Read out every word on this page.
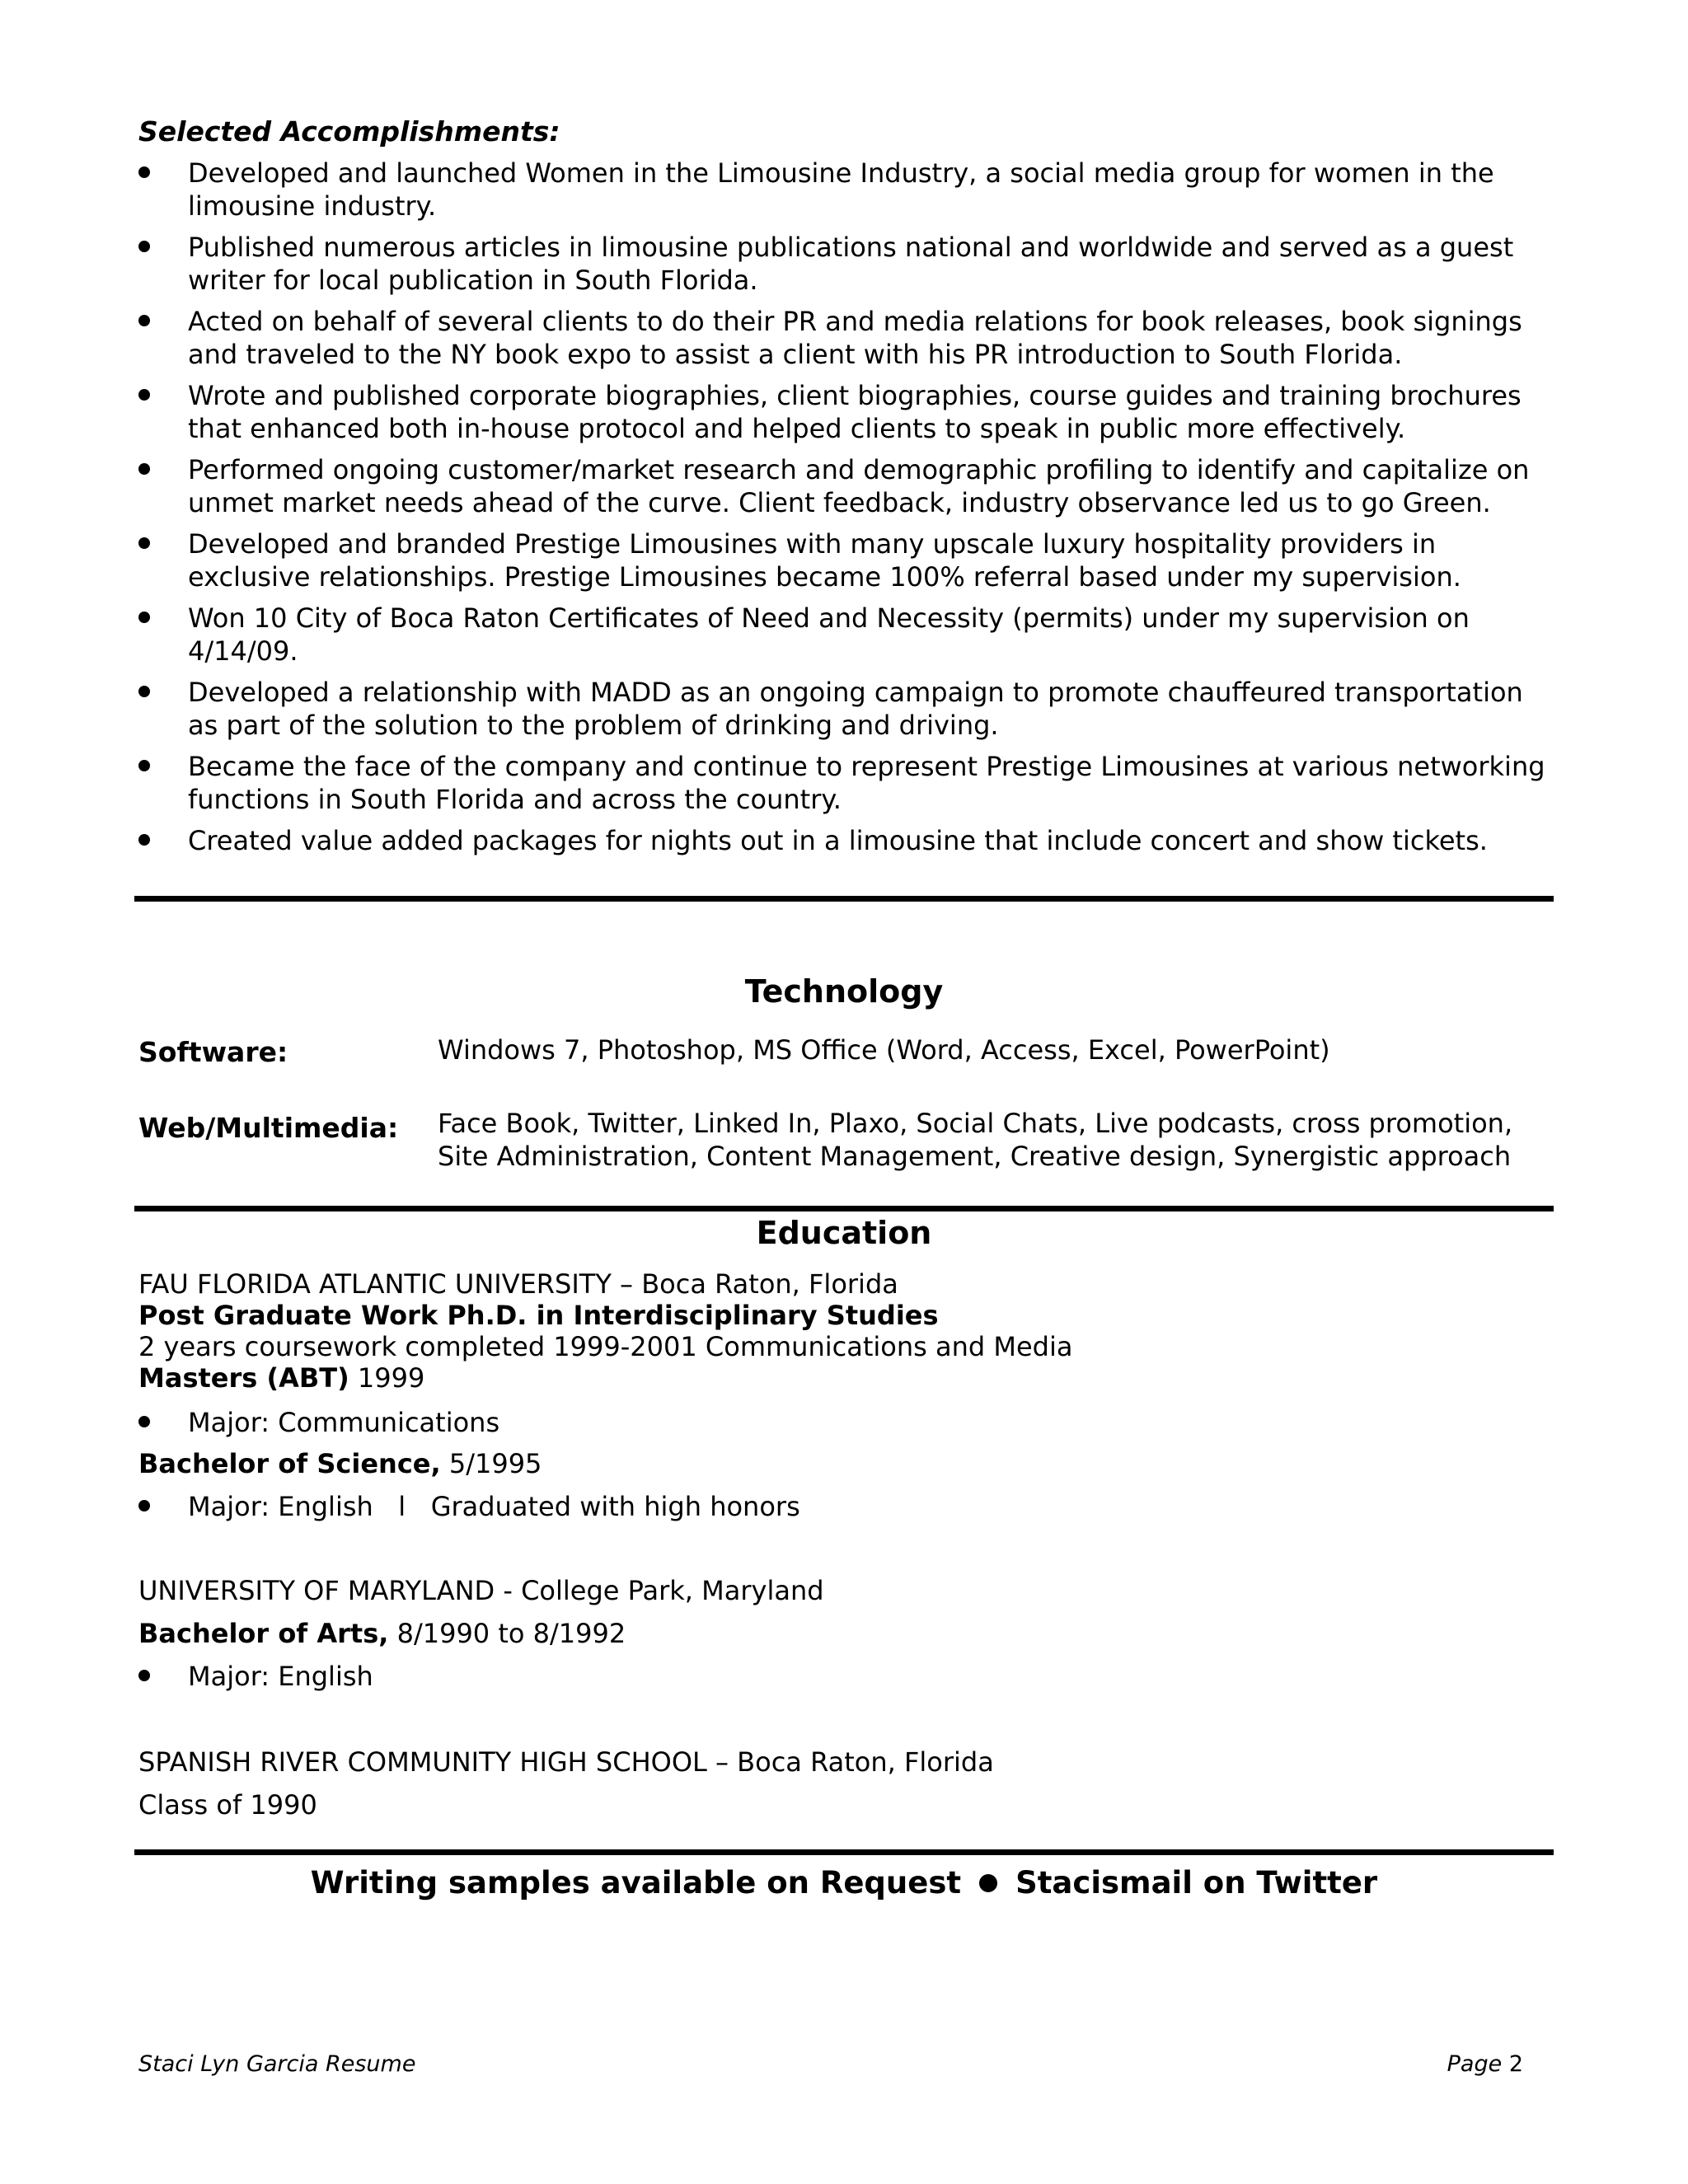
Selected Accomplishments:
Developed and launched Women in the Limousine Industry, a social media group for women in the limousine industry.
Published numerous articles in limousine publications national and worldwide and served as a guest writer for local publication in South Florida.
Acted on behalf of several clients to do their PR and media relations for book releases, book signings and traveled to the NY book expo to assist a client with his PR introduction to South Florida.
Wrote and published corporate biographies, client biographies, course guides and training brochures that enhanced both in-house protocol and helped clients to speak in public more effectively.
Performed ongoing customer/market research and demographic profiling to identify and capitalize on unmet market needs ahead of the curve. Client feedback, industry observance led us to go Green.
Developed and branded Prestige Limousines with many upscale luxury hospitality providers in exclusive relationships. Prestige Limousines became 100% referral based under my supervision.
Won 10 City of Boca Raton Certificates of Need and Necessity (permits) under my supervision on 4/14/09.
Developed a relationship with MADD as an ongoing campaign to promote chauffeured transportation as part of the solution to the problem of drinking and driving.
Became the face of the company and continue to represent Prestige Limousines at various networking functions in South Florida and across the country.
Created value added packages for nights out in a limousine that include concert and show tickets.
Technology
Software:	Windows 7, Photoshop, MS Office (Word, Access, Excel, PowerPoint)
Web/Multimedia: Face Book, Twitter, Linked In, Plaxo, Social Chats, Live podcasts, cross promotion,
Site Administration, Content Management, Creative design, Synergistic approach
Education
FAU FLORIDA ATLANTIC UNIVERSITY – Boca Raton, Florida
Post Graduate Work Ph.D. in Interdisciplinary Studies
2 years coursework completed 1999-2001 Communications and Media
Masters (ABT) 1999
Major: Communications
Bachelor of Science, 5/1995
Major: English   l   Graduated with high honors
UNIVERSITY OF MARYLAND - College Park, Maryland
Bachelor of Arts, 8/1990 to 8/1992
Major: English
SPANISH RIVER COMMUNITY HIGH SCHOOL – Boca Raton, Florida
Class of 1990
Writing samples available on Request Stacismail on Twitter
Staci Lyn Garcia Resume	Page 2
